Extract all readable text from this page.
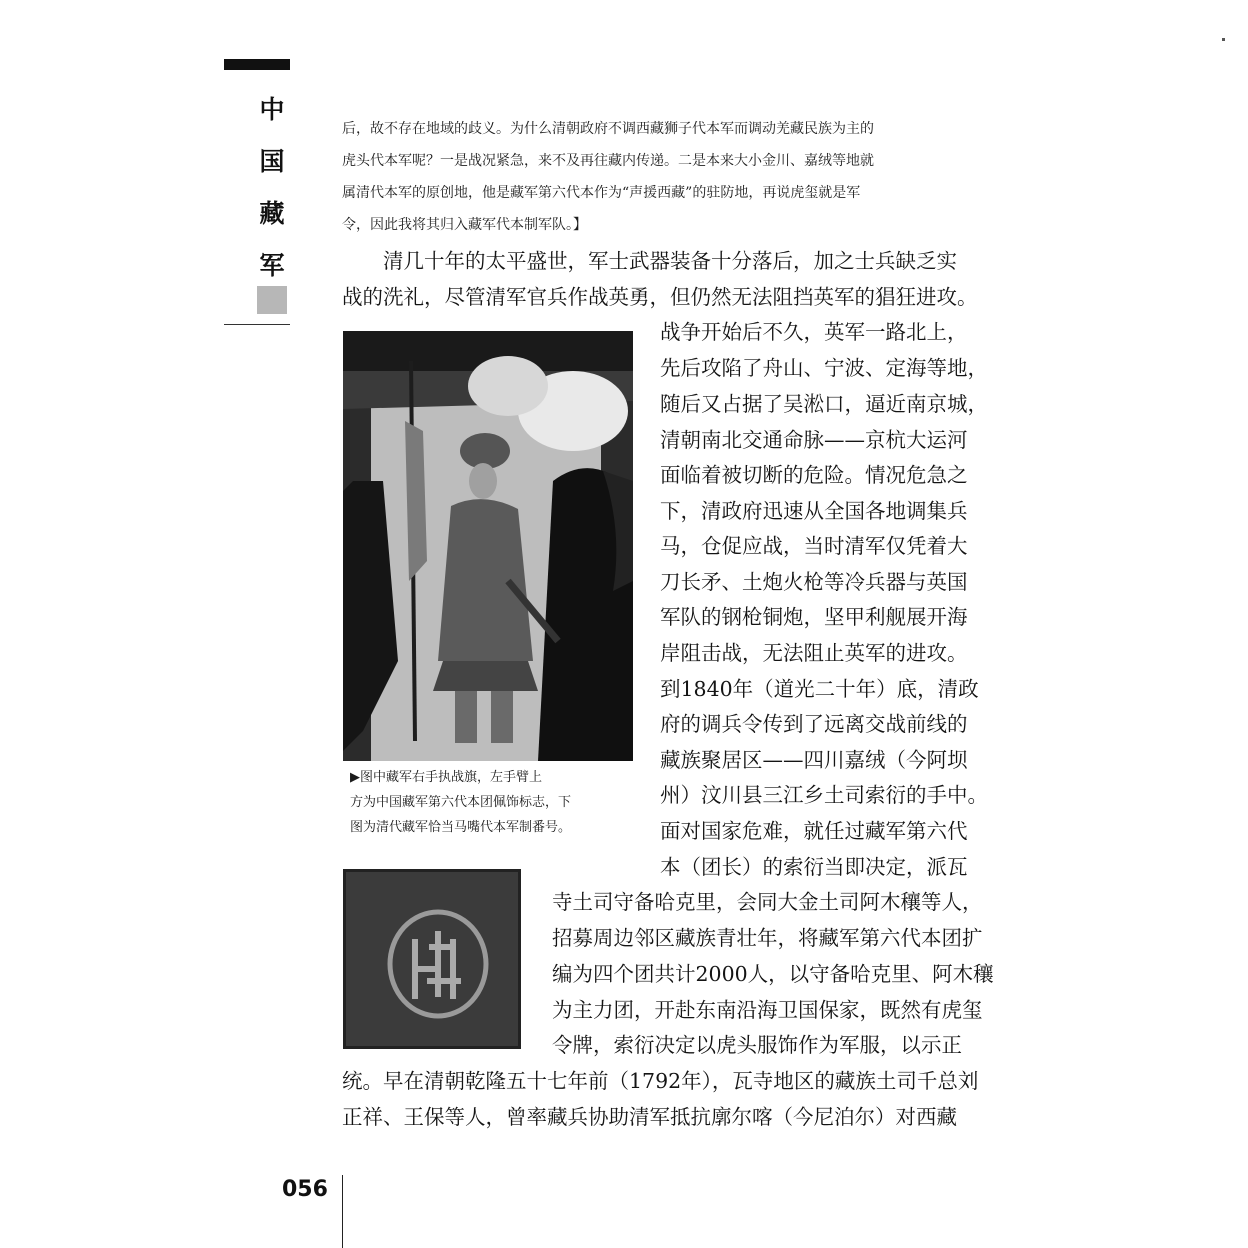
中
国
藏
军
后，故不存在地域的歧义。为什么清朝政府不调西藏狮子代本军而调动羌藏民族为主的
虎头代本军呢？一是战况紧急，来不及再往藏内传递。二是本来大小金川、嘉绒等地就
属清代本军的原创地，他是藏军第六代本作为“声援西藏”的驻防地，再说虎玺就是军
令，因此我将其归入藏军代本制军队。】
　　清几十年的太平盛世，军士武器装备十分落后，加之士兵缺乏实
战的洗礼，尽管清军官兵作战英勇，但仍然无法阻挡英军的猖狂进攻。
战争开始后不久，英军一路北上，
先后攻陷了舟山、宁波、定海等地，
随后又占据了吴淞口，逼近南京城，
清朝南北交通命脉——京杭大运河
面临着被切断的危险。情况危急之
下，清政府迅速从全国各地调集兵
马，仓促应战，当时清军仅凭着大
刀长矛、土炮火枪等冷兵器与英国
军队的钢枪铜炮，坚甲利舰展开海
岸阻击战，无法阻止英军的进攻。
到1840年（道光二十年）底，清政
府的调兵令传到了远离交战前线的
藏族聚居区——四川嘉绒（今阿坝
州）汶川县三江乡土司索衍的手中。
面对国家危难，就任过藏军第六代
本（团长）的索衍当即决定，派瓦
▶图中藏军右手执战旗，左手臂上
方为中国藏军第六代本团佩饰标志，下
图为清代藏军恰当马嘴代本军制番号。
寺土司守备哈克里，会同大金土司阿木穰等人，
招募周边邻区藏族青壮年，将藏军第六代本团扩
编为四个团共计2000人，以守备哈克里、阿木穰
为主力团，开赴东南沿海卫国保家，既然有虎玺
令牌，索衍决定以虎头服饰作为军服，以示正
统。早在清朝乾隆五十七年前（1792年），瓦寺地区的藏族土司千总刘
正祥、王保等人，曾率藏兵协助清军抵抗廓尔喀（今尼泊尔）对西藏
056
